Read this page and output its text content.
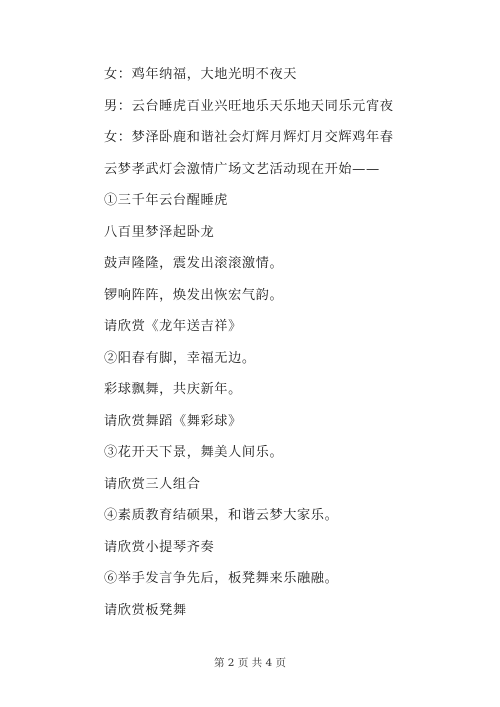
女：鸡年纳福，大地光明不夜天
男：云台睡虎百业兴旺地乐天乐地天同乐元宵夜
女：梦泽卧鹿和谐社会灯辉月辉灯月交辉鸡年春
云梦孝武灯会激情广场文艺活动现在开始——
①三千年云台醒睡虎
八百里梦泽起卧龙
鼓声隆隆，震发出滚滚激情。
锣响阵阵，焕发出恢宏气韵。
请欣赏《龙年送吉祥》
②阳春有脚，幸福无边。
彩球飘舞，共庆新年。
请欣赏舞蹈《舞彩球》
③花开天下景，舞美人间乐。
请欣赏三人组合
④素质教育结硕果，和谐云梦大家乐。
请欣赏小提琴齐奏
⑥举手发言争先后，板凳舞来乐融融。
请欣赏板凳舞
第 2 页 共 4 页
